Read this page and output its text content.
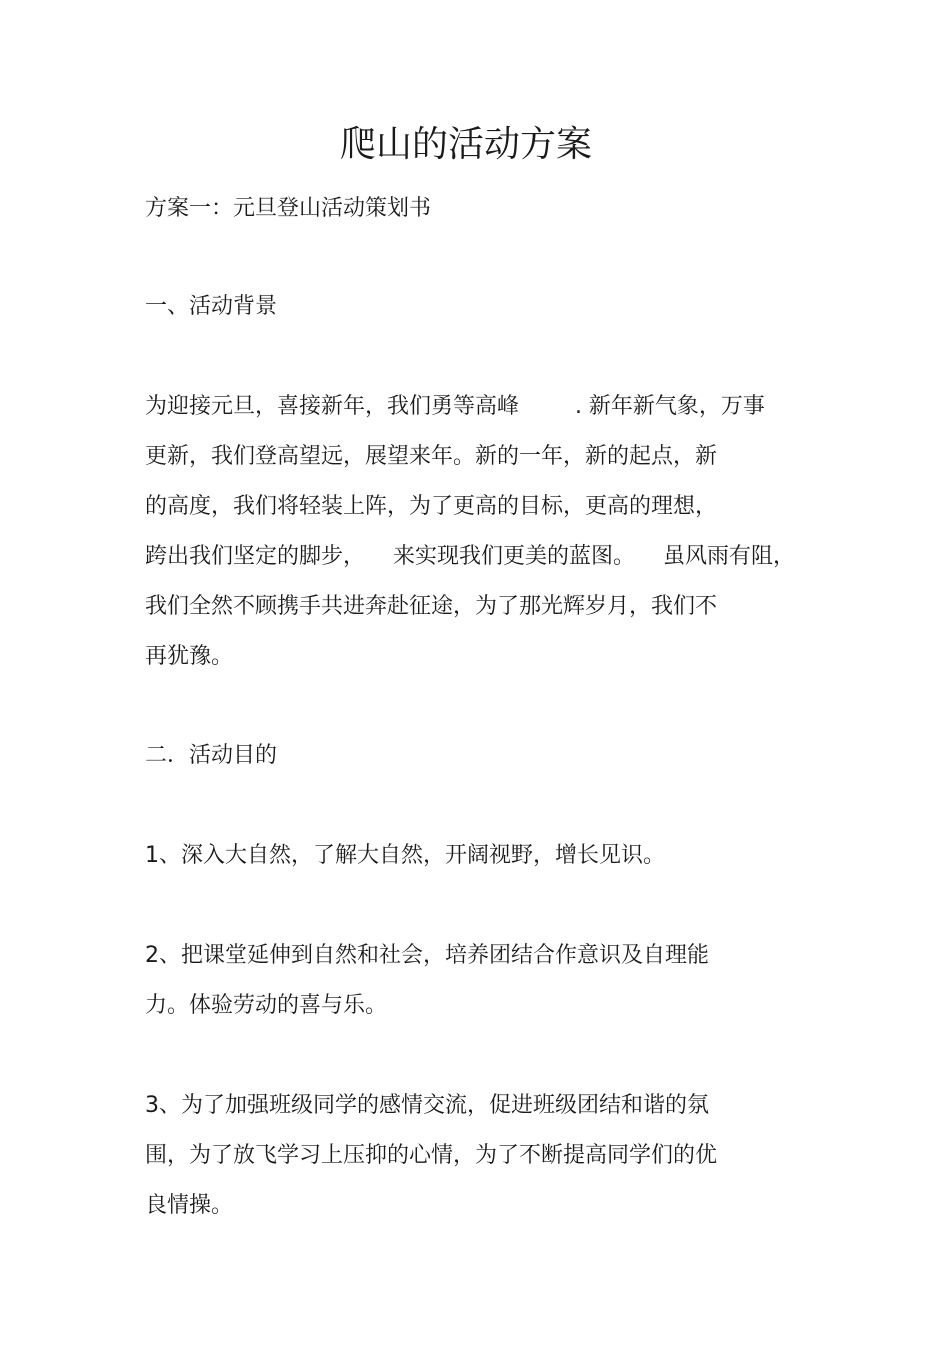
爬山的活动方案

方案一：元旦登山活动策划书

一、活动背景

为迎接元旦，喜接新年，我们勇等高峰        . 新年新气象，万事

更新，我们登高望远，展望来年。新的一年，新的起点，新

的高度，我们将轻装上阵，为了更高的目标，更高的理想，

跨出我们坚定的脚步，    来实现我们更美的蓝图。    虽风雨有阻，

我们全然不顾携手共进奔赴征途，为了那光辉岁月，我们不

再犹豫。

二．活动目的

1、深入大自然，了解大自然，开阔视野，增长见识。

2、把课堂延伸到自然和社会，培养团结合作意识及自理能

力。体验劳动的喜与乐。

3、为了加强班级同学的感情交流，促进班级团结和谐的氛

围，为了放飞学习上压抑的心情，为了不断提高同学们的优

良情操。
